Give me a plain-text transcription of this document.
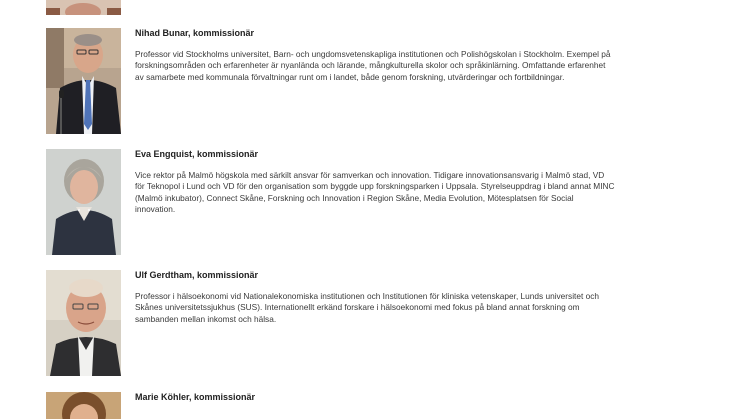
Nihad Bunar, kommissionär

Professor vid Stockholms universitet, Barn- och ungdomsvetenskapliga institutionen och Polishögskolan i Stockholm. Exempel på forskningsområden och erfarenheter är nyanlända och lärande, mångkulturella skolor och språkinlärning. Omfattande erfarenhet av samarbete med kommunala förvaltningar runt om i landet, både genom forskning, utvärderingar och fortbildningar.

Eva Engquist, kommissionär

Vice rektor på Malmö högskola med särkilt ansvar för samverkan och innovation. Tidigare innovationsansvarig i Malmö stad, VD för Teknopol i Lund och VD för den organisation som byggde upp forskningsparken i Uppsala. Styrelseuppdrag i bland annat MINC (Malmö inkubator), Connect Skåne, Forskning och Innovation i Region Skåne, Media Evolution, Mötesplatsen för Social innovation.

Ulf Gerdtham, kommissionär

Professor i hälsoekonomi vid Nationalekonomiska institutionen och Institutionen för kliniska vetenskaper, Lunds universitet och Skånes universitetssjukhus (SUS). Internationellt erkänd forskare i hälsoekonomi med fokus på bland annat forskning om sambanden mellan inkomst och hälsa.

Marie Köhler, kommissionär
